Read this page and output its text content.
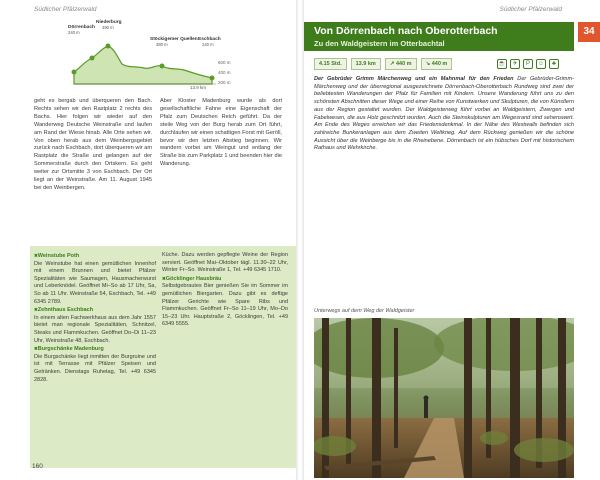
Südlicher Pfälzerwald
600 m
400 m
200 m
Dörrenbach
240 m
Niederburg
490 m
Stöckigemer Quellen
380 m
Eschbach
240 m
13.9 km

geht es bergab und überqueren den Bach. Rechts sehen wir den Rastplatz 2 rechts des Bachs. Hier folgen wir wieder auf den Wanderweg Deutsche Weinstraße und laufen am Rand der Wiese hinab. Alle Orte sehen wir. Von oben herab aus dem Weinbergsgebiet zurück nach Eschbach, dort überqueren wir am Rastplatz die Straße und gelangen auf der Sommerstraße durch den Ortskern. Es geht weiter zur Ortsmitte 3 von Eschbach. Der Ort liegt an der Weinstraße. Am 11. August 1945 bei den Weinbergen.

Aber Kloster Madenburg wurde als dort gesellschaftliche Fahne eine Eigenschaft der Pfalz zum Deutschen Reich geführt. Da der steile Weg von der Burg herab zum Ort führt, durchlaufen wir einen schattigen Forst mit Geröll, bevor wir den letzten Abstieg beginnen. Wir wandern vorbei am Weingut und entlang der Straße bis zum Parkplatz 1 und beenden hier die Wanderung.

✖ Weinstube Poth
Die Weinstube hat einen gemütlichen Innenhof mit einem Brunnen und bietet Pfälzer Spezialitäten wie Saumagen, Hausmacherwurst und Leberknödel. Geöffnet Mi–So ab 17 Uhr, Sa, So ab 11 Uhr. Weinstraße 54, Eschbach, Tel. +49 6345 2789.
✖ Zehnthaus Eschbach
In einem alten Fachwerkhaus aus dem Jahr 1557 bietet man regionale Spezialitäten, Schnitzel, Steaks und Flammkuchen. Geöffnet Do–Di 11–23 Uhr, Weinstraße 48, Eschbach.
✖ Burgschänke Madenburg
Die Burgschänke liegt inmitten der Burgruine und ist mit Terrasse mit Pfälzer Speisen und Getränken. Dienstags Ruhetag, Tel. +49 6345 2828.
Küche. Dazu werden gepflegte Weine der Region serviert. Geöffnet Mai–Oktober tägl. 11.30–22 Uhr, Winter Fr–So. Weinstraße 1, Tel. +49 6345 1710.
✖ Göcklinger Hausbräu
Selbstgebrautes Bier genießen Sie im Sommer im gemütlichen Biergarten. Dazu gibt es deftige Pfälzer Gerichte wie Spare Ribs und Flammkuchen. Geöffnet Fr–So 11–19 Uhr, Mo–Do 15–23 Uhr. Hauptstraße 2, Göcklingen, Tel. +49 6349 5555.
160
Südlicher Pfälzerwald
Von Dörrenbach nach Oberotterbach
Zu den Waldgeistern im Otterbachtal
34
4.15 Std.	13.9 km	↗ 440 m	↘ 440 m	☕	✈	P	☺	♣
Der Gebrüder Grimm Märchenweg und ein Mahnmal für den Frieden Der Gebrüder-Grimm-Märchenweg und der überregional ausgezeichnete Dörrenbach-Oberotterbach Rundweg sind zwei der beliebtesten Wanderungen der Pfalz für Familien mit Kindern. Unsere Wanderung führt uns zu den schönsten Abschnitten dieser Wege und einer Reihe von Kunstwerken und Skulpturen, die von Künstlern aus der Region gestaltet wurden. Der Waldgeisterweg führt vorbei an Waldgeistern, Zwergen und Fabelwesen, die aus Holz geschnitzt wurden. Auch die Steinskulpturen am Wegesrand sind sehenswert. Am Ende des Weges erreichen wir das Friedensdenkmal. In der Nähe des Westwalls befinden sich zahlreiche Bunkeranlagen aus dem Zweiten Weltkrieg. Auf dem Rückweg genießen wir die schöne Aussicht über die Weinberge bis in die Rheinebene. Dörrenbach ist ein hübsches Dorf mit historischem Rathaus und Wehrkirche.
Unterwegs auf dem Weg der Waldgeister
